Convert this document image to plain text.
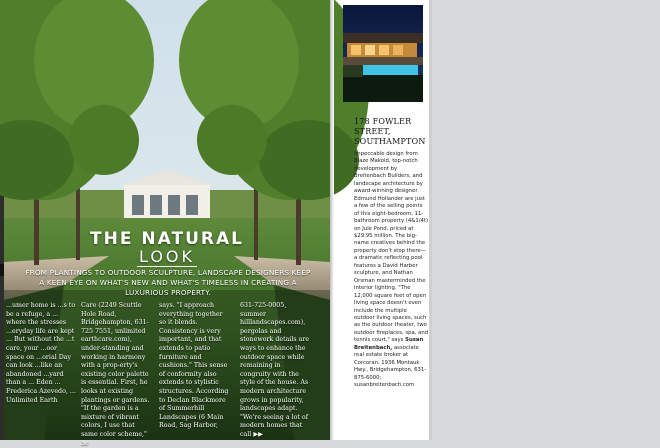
THE NATURAL
LOOK
FROM PLANTINGS TO OUTDOOR SCULPTURE, LANDSCAPE DESIGNERS KEEP A KEEN EYE ON WHAT'S NEW AND WHAT'S TIMELESS IN CREATING A LUXURIOUS PROPERTY.

...umer home is ...s to be a refuge, a ... where the stresses ...eryday life are kept ... But without the ...t care, your ...oor space on ...orial Day can look ...like an abandoned ...yard than a ... Eden ... Frederica Azevedo, ... Unlimited Earth

Care (2249 Scuttle Hole Road, Bridgehampton, 631-725 7551, unlimited earthcare.com), under-standing and working in harmony with a prop-erty's existing color palette is essential. First, he looks at existing plantings or gardens. "If the garden is a mixture of vibrant colors, I use that same color scheme," he

says. "I approach everything together so it blends. Consistency is very important, and that extends to patio furniture and cushions." This sense of conformity also extends to stylistic structures. According to Declan Blackmore of Summerhill Landscapes (6 Main Road, Sag Harbor,

631-725-0005, summer hilllandscapes.com), pergolas and stonework details are ways to enhance the outdoor space while remaining in congruity with the style of the house. As modern architecture grows in popularity, landscapes adapt. "We're seeing a lot of modern homes that call ▶▶

178 FOWLER STREET, SOUTHAMPTON

Impeccable design from Blaze Makoid, top-notch development by Breitenbach Builders, and landscape architecture by award-winning designer Edmund Hollander are just a few of the selling points of this eight-bedroom, 11-bathroom property (4&1/4t) on Jule Pond, priced at $29.95 million. The big-name creatives behind the property don't stop there—a dramatic reflecting pool features a David Harber sculpture, and Nathan Orsman masterminded the interior lighting. "The 12,000 square feet of open living space doesn't even include the multiple outdoor living spaces, such as the outdoor theater, two outdoor fireplaces, spa, and tennis court," says Susan Breitenbach, associate real estate broker at Corcoran. 1936 Montauk Hwy., Bridgehampton, 631-875-6000; susanbreitenbach.com
